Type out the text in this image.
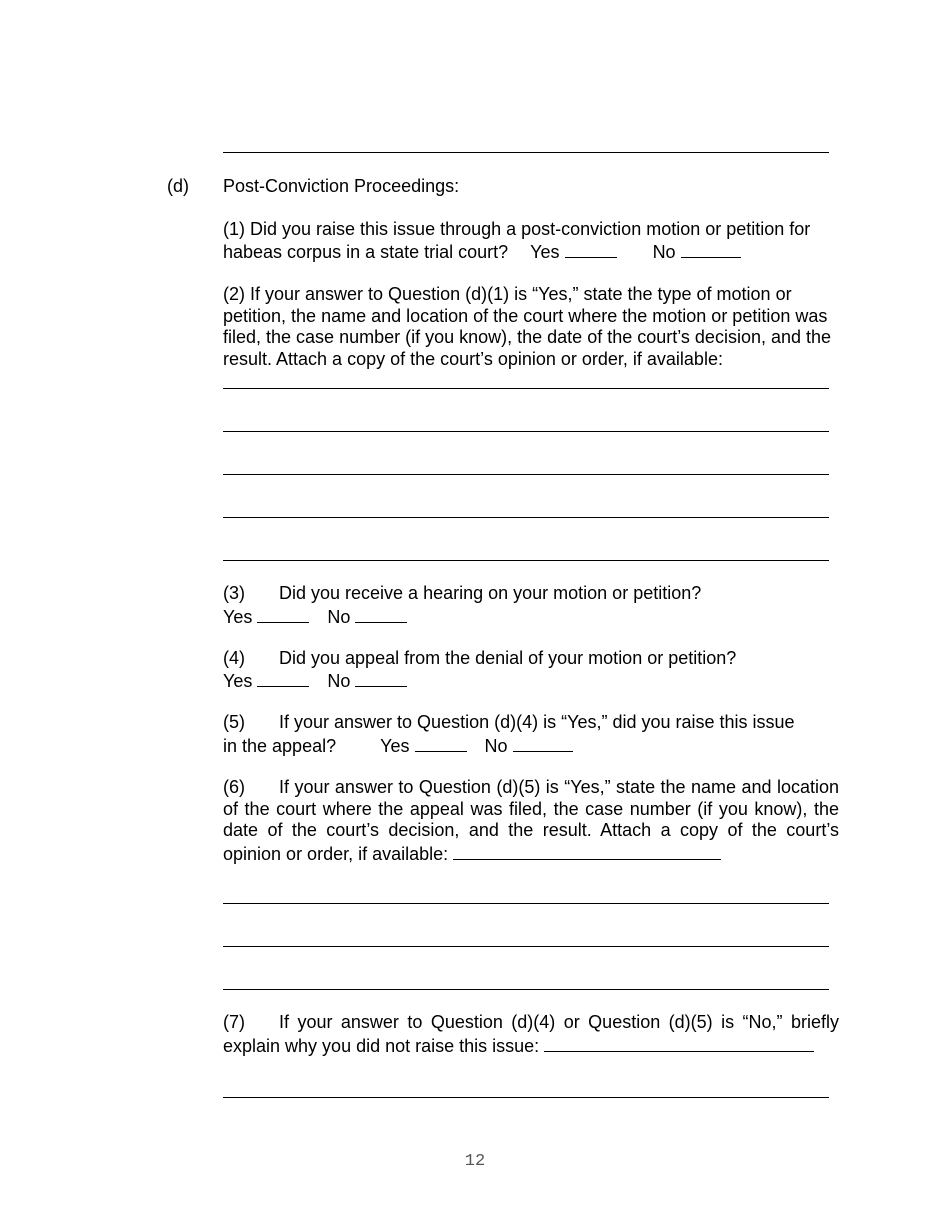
(d) Post-Conviction Proceedings:
(1) Did you raise this issue through a post-conviction motion or petition for
habeas corpus in a state trial court? Yes	No
(2) If your answer to Question (d)(1) is “Yes,” state the type of motion or petition, the name and location of the court where the motion or petition was filed, the case number (if you know), the date of the court’s decision, and the result. Attach a copy of the court’s opinion or order, if available:
(3) Did you receive a hearing on your motion or petition?
Yes	No
(4) Did you appeal from the denial of your motion or petition?
Yes	No
(5) If your answer to Question (d)(4) is “Yes,” did you raise this issue
in the appeal? Yes	No
(6) If your answer to Question (d)(5) is “Yes,” state the name and location of the court where the appeal was filed, the case number (if you know), the date of the court’s decision, and the result. Attach a copy of the court’s opinion or order, if available:
(7) If your answer to Question (d)(4) or Question (d)(5) is “No,” briefly explain why you did not raise this issue:
12
